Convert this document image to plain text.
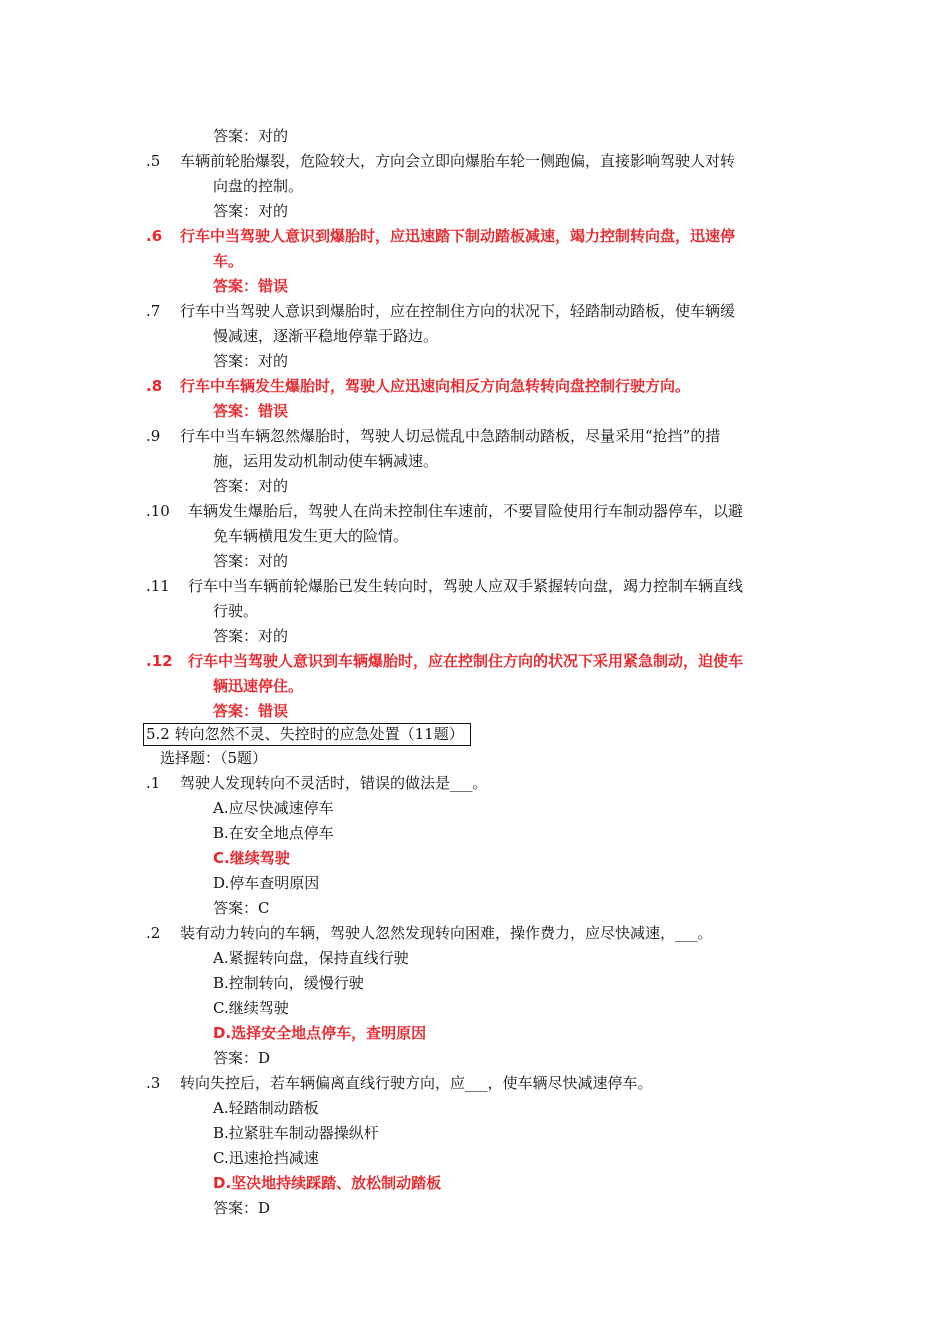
答案：对的
.5 车辆前轮胎爆裂，危险较大，方向会立即向爆胎车轮一侧跑偏，直接影响驾驶人对转
向盘的控制。
答案：对的
.6 行车中当驾驶人意识到爆胎时，应迅速踏下制动踏板减速，竭力控制转向盘，迅速停
车。
答案：错误
.7 行车中当驾驶人意识到爆胎时，应在控制住方向的状况下，轻踏制动踏板，使车辆缓
慢减速，逐渐平稳地停靠于路边。
答案：对的
.8 行车中车辆发生爆胎时，驾驶人应迅速向相反方向急转转向盘控制行驶方向。
答案：错误
.9 行车中当车辆忽然爆胎时，驾驶人切忌慌乱中急踏制动踏板，尽量采用“抢挡”的措
施，运用发动机制动使车辆减速。
答案：对的
.10 车辆发生爆胎后，驾驶人在尚未控制住车速前，不要冒险使用行车制动器停车，以避
免车辆横甩发生更大的险情。
答案：对的
.11 行车中当车辆前轮爆胎已发生转向时，驾驶人应双手紧握转向盘，竭力控制车辆直线
行驶。
答案：对的
.12 行车中当驾驶人意识到车辆爆胎时，应在控制住方向的状况下采用紧急制动，迫使车
辆迅速停住。
答案：错误
5.2 转向忽然不灵、失控时的应急处置（11题）
选择题：（5题）
.1 驾驶人发现转向不灵活时，错误的做法是___。
A.应尽快减速停车
B.在安全地点停车
C.继续驾驶
D.停车查明原因
答案：C
.2 装有动力转向的车辆，驾驶人忽然发现转向困难，操作费力，应尽快减速，___。
A.紧握转向盘，保持直线行驶
B.控制转向，缓慢行驶
C.继续驾驶
D.选择安全地点停车，查明原因
答案：D
.3 转向失控后，若车辆偏离直线行驶方向，应___，使车辆尽快减速停车。
A.轻踏制动踏板
B.拉紧驻车制动器操纵杆
C.迅速抢挡减速
D.坚决地持续踩踏、放松制动踏板
答案：D
